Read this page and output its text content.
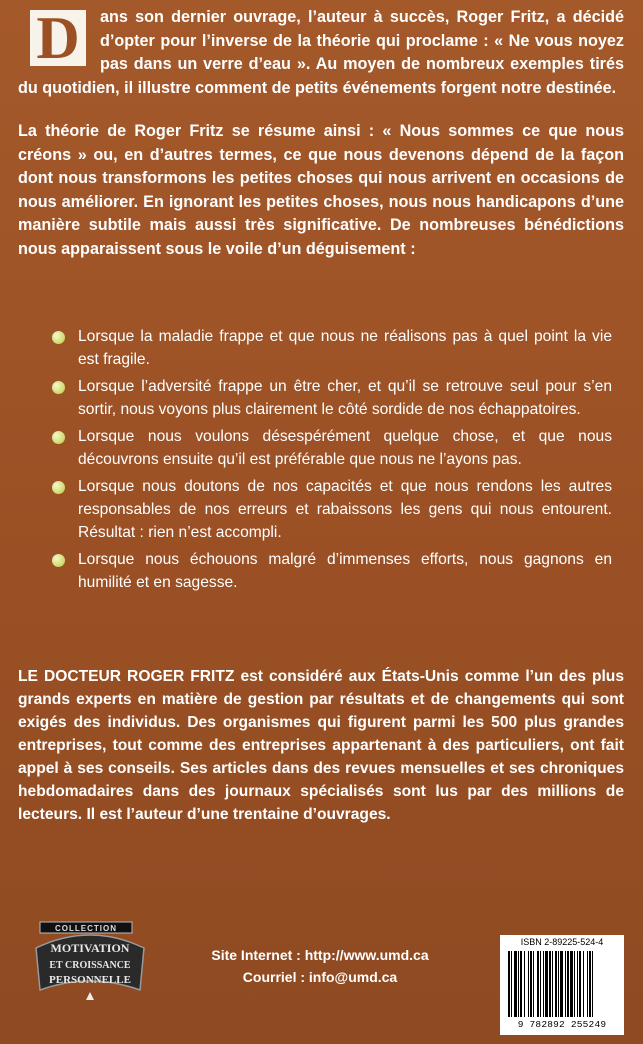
D	ans son dernier ouvrage, l’auteur à succès, Roger Fritz, a décidé d’opter pour l’inverse de la théorie qui proclame : « Ne vous noyez pas dans un verre d’eau ». Au moyen de nombreux exemples tirés du quotidien, il illustre comment de petits événements forgent notre destinée.

La théorie de Roger Fritz se résume ainsi : « Nous sommes ce que nous créons » ou, en d’autres termes, ce que nous devenons dépend de la façon dont nous transformons les petites choses qui nous arrivent en occasions de nous améliorer. En ignorant les petites choses, nous nous handicapons d’une manière subtile mais aussi très significative. De nombreuses bénédictions nous apparaissent sous le voile d’un déguisement :

Lorsque la maladie frappe et que nous ne réalisons pas à quel point la vie est fragile.
Lorsque l’adversité frappe un être cher, et qu’il se retrouve seul pour s’en sortir, nous voyons plus clairement le côté sordide de nos échappatoires.
Lorsque nous voulons désespérément quelque chose, et que nous découvrons ensuite qu’il est préférable que nous ne l’ayons pas.
Lorsque nous doutons de nos capacités et que nous rendons les autres responsables de nos erreurs et rabaissons les gens qui nous entourent. Résultat : rien n’est accompli.
Lorsque nous échouons malgré d’immenses efforts, nous gagnons en humilité et en sagesse.
LE DOCTEUR ROGER FRITZ est considéré aux États-Unis comme l’un des plus grands experts en matière de gestion par résultats et de changements qui sont exigés des individus. Des organismes qui figurent parmi les 500 plus grandes entreprises, tout comme des entreprises appartenant à des particuliers, ont fait appel à ses conseils. Ses articles dans des revues mensuelles et ses chroniques hebdomadaires dans des journaux spécialisés sont lus par des millions de lecteurs. Il est l’auteur d’une trentaine d’ouvrages.
COLLECTION
MOTIVATION
ET CROISSANCE
PERSONNELLE
Site Internet : http://www.umd.ca
Courriel : info@umd.ca
ISBN 2-89225-524-4
9 782892 255249
